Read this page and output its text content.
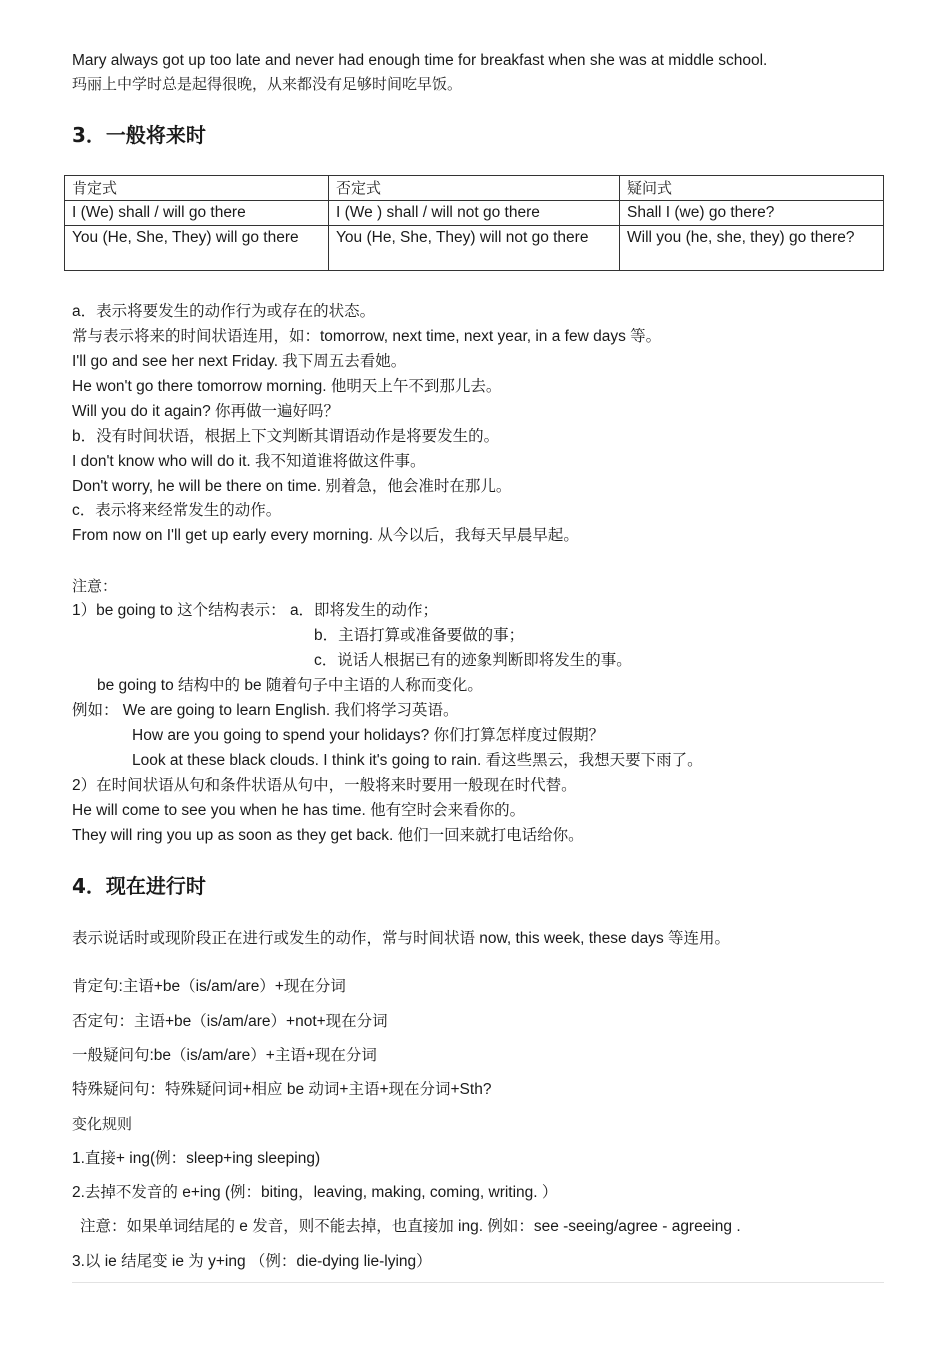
Mary always got up too late and never had enough time for breakfast when she was at middle school.
玛丽上中学时总是起得很晚，从来都没有足够时间吃早饭。
3．一般将来时
肯定式	否定式	疑问式
I (We) shall / will go there	I (We ) shall / will not go there	Shall I (we) go there?
You (He, She, They) will go there	You (He, She, They) will not go there	Will you (he, she, they) go there?
a．表示将要发生的动作行为或存在的状态。
常与表示将来的时间状语连用，如：tomorrow, next time, next year, in a few days 等。
I'll go and see her next Friday. 我下周五去看她。
He won't go there tomorrow morning. 他明天上午不到那儿去。
Will you do it again? 你再做一遍好吗？
b．没有时间状语，根据上下文判断其谓语动作是将要发生的。
I don't know who will do it. 我不知道谁将做这件事。
Don't worry, he will be there on time. 别着急，他会准时在那儿。
c．表示将来经常发生的动作。
From now on I'll get up early every morning. 从今以后，我每天早晨早起。
注意：
1）be going to 这个结构表示： a．即将发生的动作；
b．主语打算或准备要做的事；
c．说话人根据已有的迹象判断即将发生的事。
be going to 结构中的 be 随着句子中主语的人称而变化。
例如： We are going to learn English. 我们将学习英语。
How are you going to spend your holidays? 你们打算怎样度过假期？
Look at these black clouds. I think it's going to rain. 看这些黑云，我想天要下雨了。
2）在时间状语从句和条件状语从句中，一般将来时要用一般现在时代替。
He will come to see you when he has time. 他有空时会来看你的。
They will ring you up as soon as they get back. 他们一回来就打电话给你。
4．现在进行时
表示说话时或现阶段正在进行或发生的动作，常与时间状语 now, this week, these days 等连用。
肯定句:主语+be（is/am/are）+现在分词
否定句：主语+be（is/am/are）+not+现在分词
一般疑问句:be（is/am/are）+主语+现在分词
特殊疑问句：特殊疑问词+相应 be 动词+主语+现在分词+Sth?
变化规则
1.直接+ ing(例：sleep+ing sleeping)
2.去掉不发音的 e+ing (例：biting，leaving, making, coming, writing. ）
注意：如果单词结尾的 e 发音，则不能去掉，也直接加 ing. 例如：see -seeing/agree - agreeing .
3.以 ie 结尾变 ie 为 y+ing （例：die-dying lie-lying）
